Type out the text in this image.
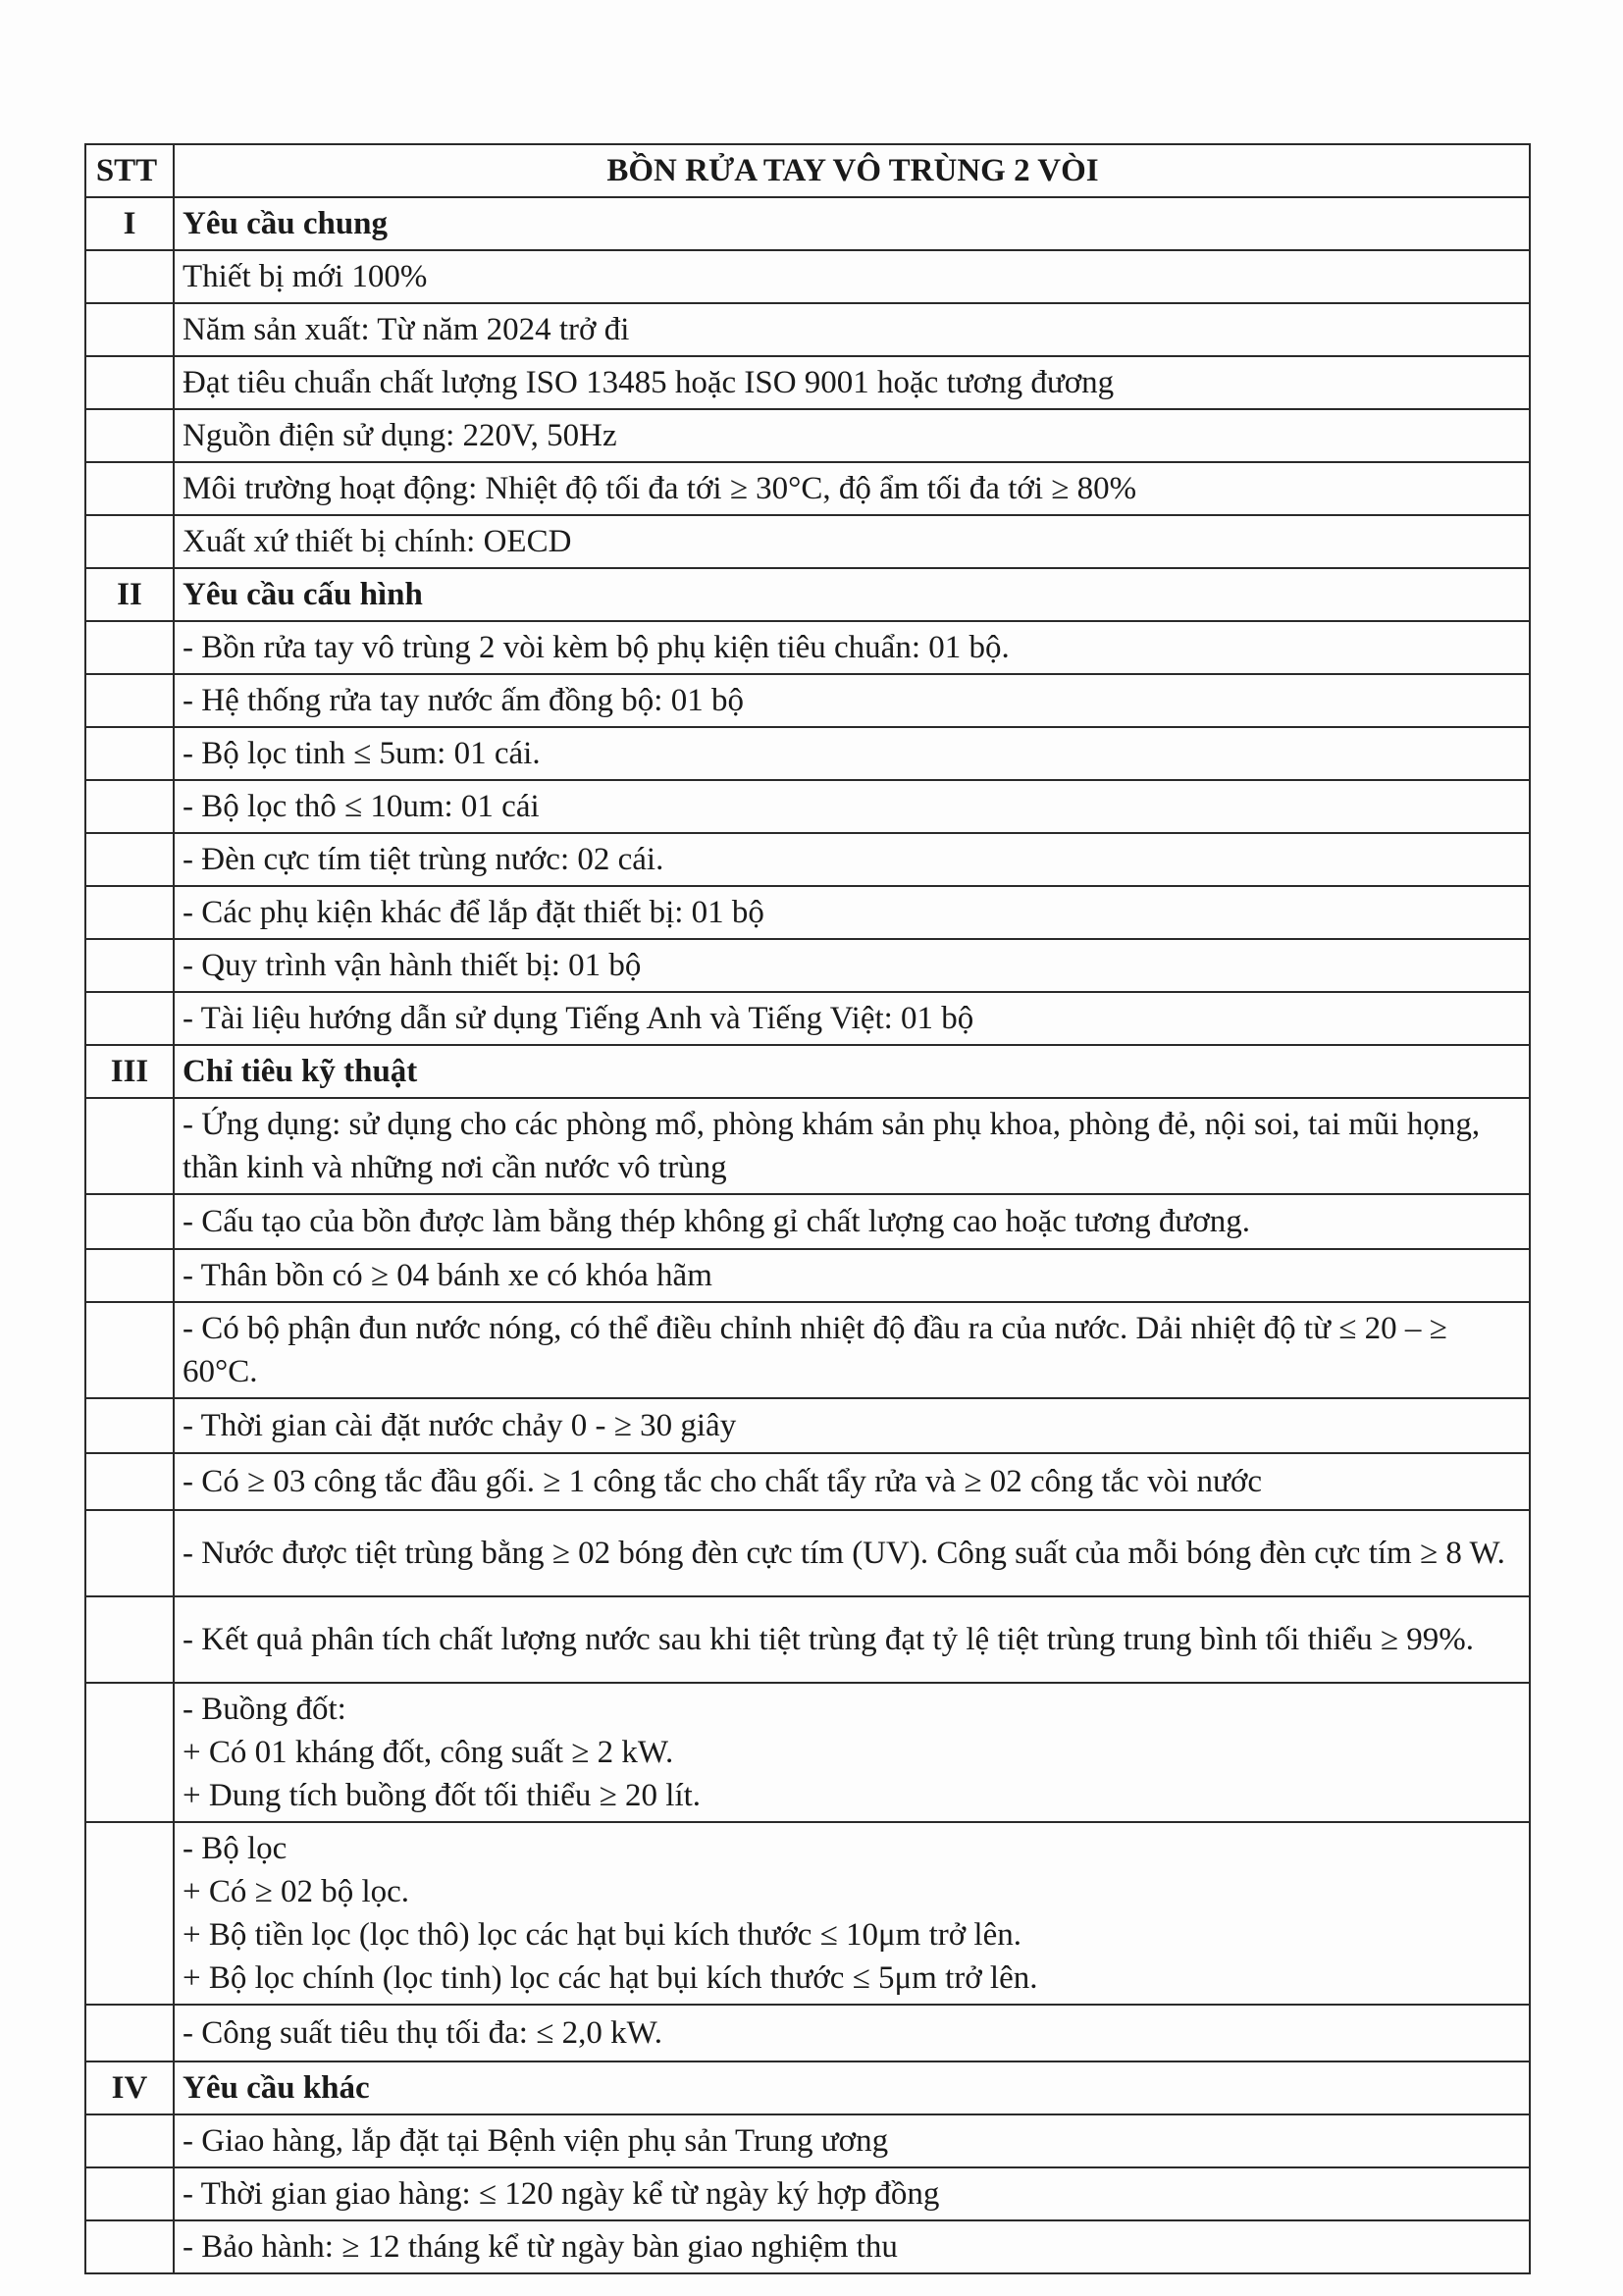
STT	BỒN RỬA TAY VÔ TRÙNG 2 VÒI
I	Yêu cầu chung

	Thiết bị mới 100%

	Năm sản xuất: Từ năm 2024 trở đi

	Đạt tiêu chuẩn chất lượng ISO 13485 hoặc ISO 9001 hoặc tương đương

	Nguồn điện sử dụng: 220V, 50Hz

	Môi trường hoạt động: Nhiệt độ tối đa tới ≥ 30°C, độ ẩm tối đa tới ≥ 80%

	Xuất xứ thiết bị chính: OECD

II	Yêu cầu cấu hình

	- Bồn rửa tay vô trùng 2 vòi kèm bộ phụ kiện tiêu chuẩn: 01 bộ.

	- Hệ thống rửa tay nước ấm đồng bộ: 01 bộ

	- Bộ lọc tinh ≤ 5um: 01 cái.

	- Bộ lọc thô ≤ 10um: 01 cái

	- Đèn cực tím tiệt trùng nước: 02 cái.

	- Các phụ kiện khác để lắp đặt thiết bị: 01 bộ

	- Quy trình vận hành thiết bị: 01 bộ

	- Tài liệu hướng dẫn sử dụng Tiếng Anh và Tiếng Việt: 01 bộ

III	Chỉ tiêu kỹ thuật

	- Ứng dụng: sử dụng cho các phòng mổ, phòng khám sản phụ khoa, phòng đẻ, nội soi, tai mũi họng, thần kinh và những nơi cần nước vô trùng

	- Cấu tạo của bồn được làm bằng thép không gỉ chất lượng cao hoặc tương đương.

	- Thân bồn có ≥ 04 bánh xe có khóa hãm

	- Có bộ phận đun nước nóng, có thể điều chỉnh nhiệt độ đầu ra của nước. Dải nhiệt độ từ ≤ 20 – ≥ 60°C.

	- Thời gian cài đặt nước chảy 0 - ≥ 30 giây

	- Có ≥ 03 công tắc đầu gối. ≥ 1 công tắc cho chất tẩy rửa và ≥ 02 công tắc vòi nước

	- Nước được tiệt trùng bằng ≥ 02 bóng đèn cực tím (UV). Công suất của mỗi bóng đèn cực tím ≥ 8 W.

	- Kết quả phân tích chất lượng nước sau khi tiệt trùng đạt tỷ lệ tiệt trùng trung bình tối thiểu ≥ 99%.

	- Buồng đốt:
+ Có 01 kháng đốt, công suất ≥ 2 kW.
+ Dung tích buồng đốt tối thiểu ≥ 20 lít.

	- Bộ lọc
+ Có ≥ 02 bộ lọc.
+ Bộ tiền lọc (lọc thô) lọc các hạt bụi kích thước ≤ 10μm trở lên.
+ Bộ lọc chính (lọc tinh) lọc các hạt bụi kích thước ≤ 5μm trở lên.

	- Công suất tiêu thụ tối đa: ≤ 2,0 kW.

IV	Yêu cầu khác

	- Giao hàng, lắp đặt tại Bệnh viện phụ sản Trung ương

	- Thời gian giao hàng: ≤ 120 ngày kể từ ngày ký hợp đồng

	- Bảo hành: ≥ 12 tháng kể từ ngày bàn giao nghiệm thu
